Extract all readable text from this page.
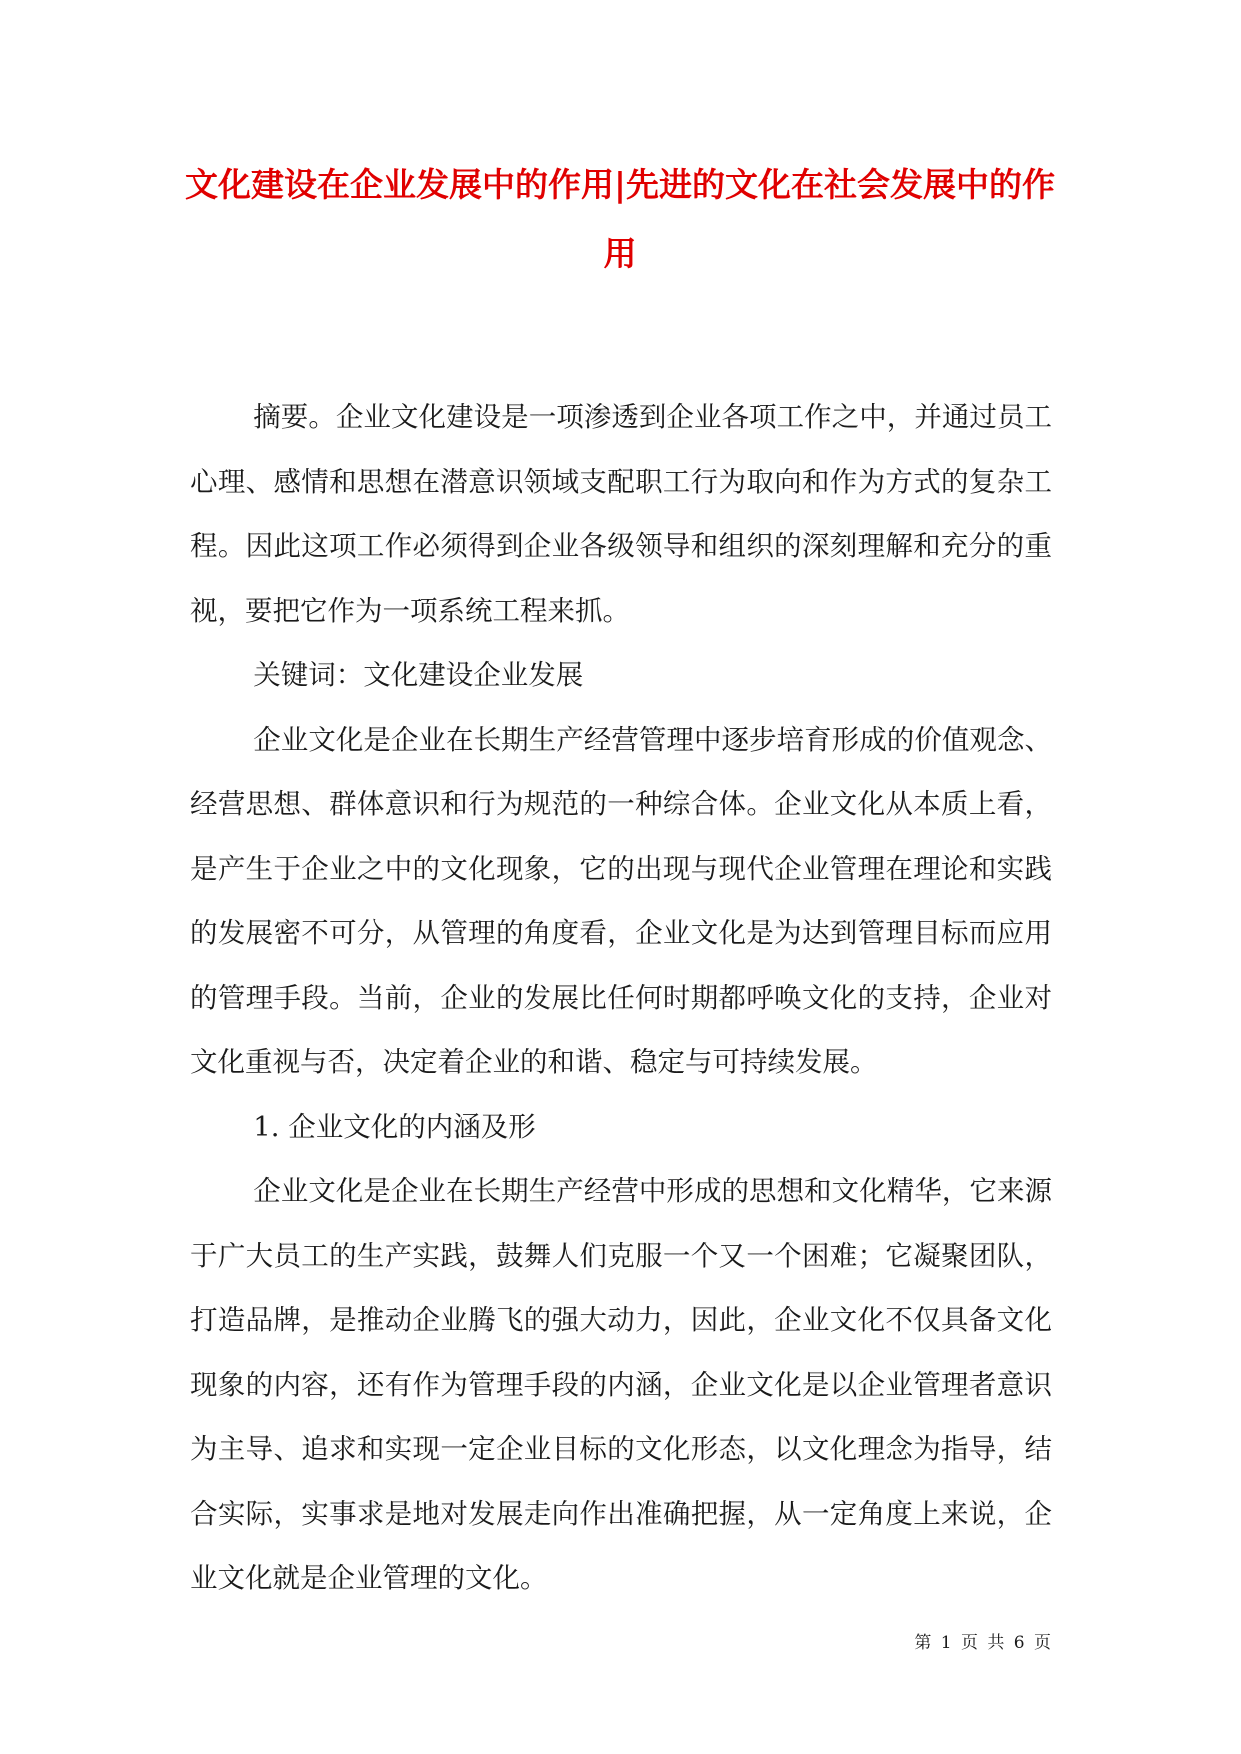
文化建设在企业发展中的作用|先进的文化在社会发展中的作用

摘要。企业文化建设是一项渗透到企业各项工作之中，并通过员工心理、感情和思想在潜意识领域支配职工行为取向和作为方式的复杂工程。因此这项工作必须得到企业各级领导和组织的深刻理解和充分的重视，要把它作为一项系统工程来抓。

关键词：文化建设企业发展

企业文化是企业在长期生产经营管理中逐步培育形成的价值观念、经营思想、群体意识和行为规范的一种综合体。企业文化从本质上看，是产生于企业之中的文化现象，它的出现与现代企业管理在理论和实践的发展密不可分，从管理的角度看，企业文化是为达到管理目标而应用的管理手段。当前，企业的发展比任何时期都呼唤文化的支持，企业对文化重视与否，决定着企业的和谐、稳定与可持续发展。

1. 企业文化的内涵及形

企业文化是企业在长期生产经营中形成的思想和文化精华，它来源于广大员工的生产实践，鼓舞人们克服一个又一个困难；它凝聚团队，打造品牌，是推动企业腾飞的强大动力，因此，企业文化不仅具备文化现象的内容，还有作为管理手段的内涵，企业文化是以企业管理者意识为主导、追求和实现一定企业目标的文化形态，以文化理念为指导，结合实际，实事求是地对发展走向作出准确把握，从一定角度上来说，企业文化就是企业管理的文化。

第 1 页 共 6 页
